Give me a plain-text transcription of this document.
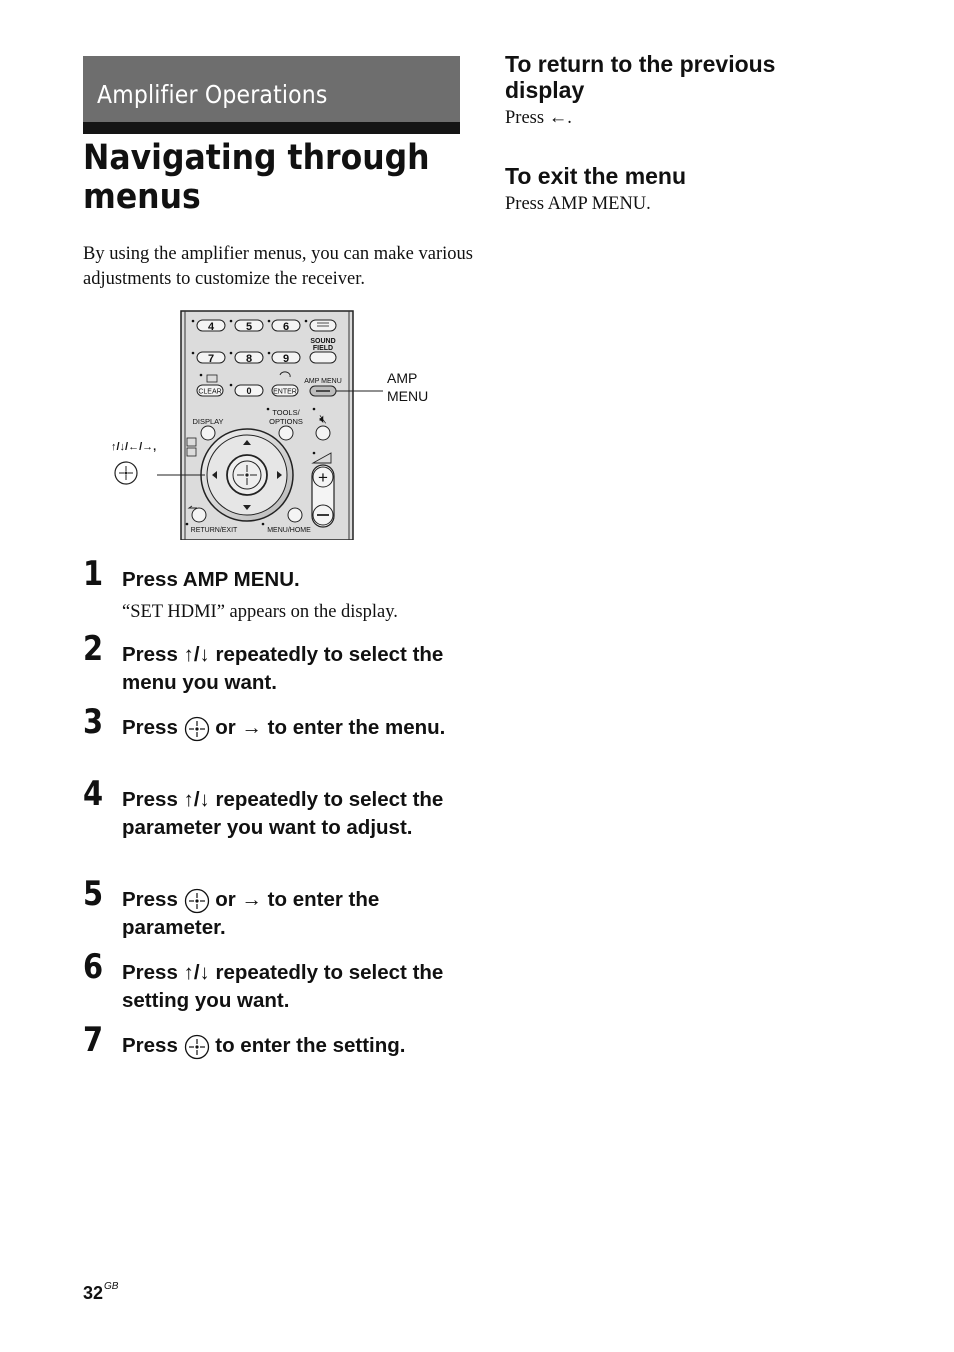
Amplifier Operations
Navigating through
menus
By using the amplifier menus, you can make various adjustments to customize the receiver.
4	5	6
SOUND
FIELD
7	8	9
CLEAR	0	ENTER
AMP MENU
DISPLAY
TOOLS/
OPTIONS 🔇︎
+
RETURN/EXIT	MENU/HOME
AMP
MENU
↑/↓/←/→,
1 Press AMP MENU.
“SET HDMI” appears on the display.
2 Press ↑/↓ repeatedly to select the menu you want.
3 Press  or → to enter the menu.
4 Press ↑/↓ repeatedly to select the parameter you want to adjust.
5 Press  or → to enter the parameter.
6 Press ↑/↓ repeatedly to select the setting you want.
7 Press  to enter the setting.
To return to the previous display

Press ←.

To exit the menu

Press AMP MENU.

$32^{GB}$
